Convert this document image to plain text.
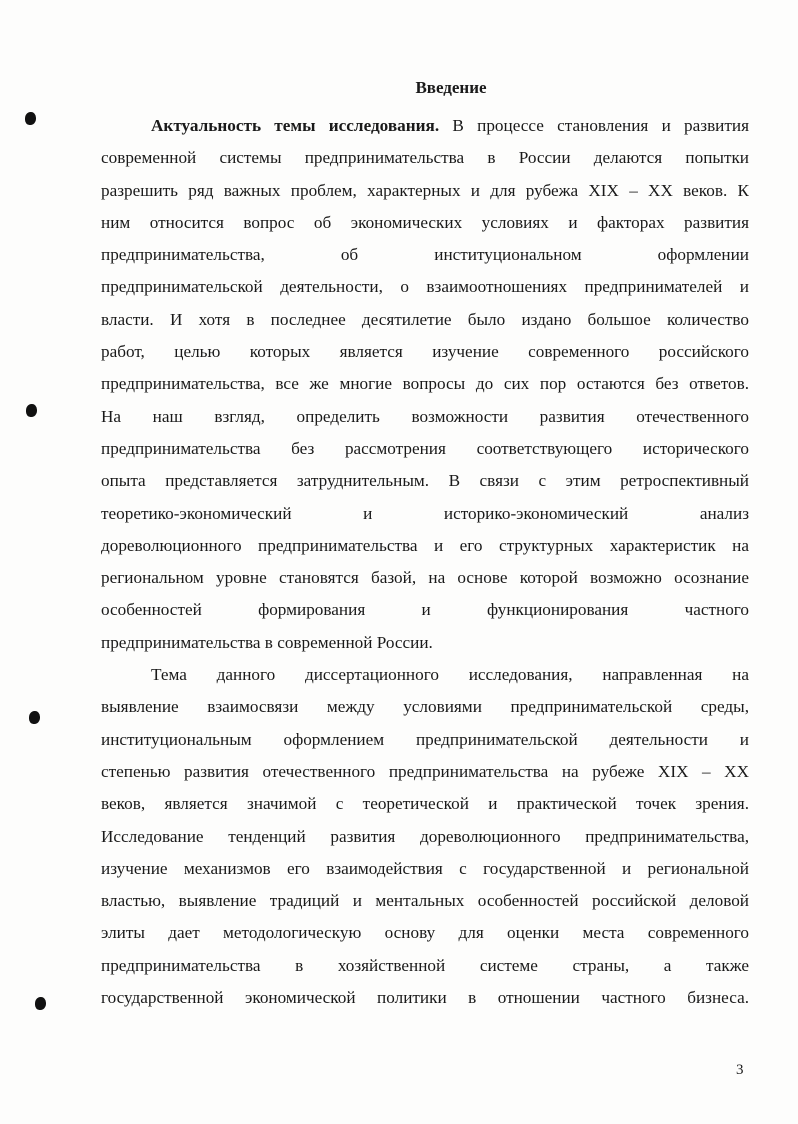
Введение
Актуальность темы исследования. В процессе становления и развития
современной системы предпринимательства в России делаются попытки
разрешить ряд важных проблем, характерных и для рубежа XIX – XX веков. К
ним относится вопрос об экономических условиях и факторах развития
предпринимательства, об институциональном оформлении
предпринимательской деятельности, о взаимоотношениях предпринимателей и
власти. И хотя в последнее десятилетие было издано большое количество
работ, целью которых является изучение современного российского
предпринимательства, все же многие вопросы до сих пор остаются без ответов.
На наш взгляд, определить возможности развития отечественного
предпринимательства без рассмотрения соответствующего исторического
опыта представляется затруднительным. В связи с этим ретроспективный
теоретико-экономический и историко-экономический анализ
дореволюционного предпринимательства и его структурных характеристик на
региональном уровне становятся базой, на основе которой возможно осознание
особенностей формирования и функционирования частного
предпринимательства в современной России.
Тема данного диссертационного исследования, направленная на
выявление взаимосвязи между условиями предпринимательской среды,
институциональным оформлением предпринимательской деятельности и
степенью развития отечественного предпринимательства на рубеже XIX – XX
веков, является значимой с теоретической и практической точек зрения.
Исследование тенденций развития дореволюционного предпринимательства,
изучение механизмов его взаимодействия с государственной и региональной
властью, выявление традиций и ментальных особенностей российской деловой
элиты дает методологическую основу для оценки места современного
предпринимательства в хозяйственной системе страны, а также
государственной экономической политики в отношении частного бизнеса.
3
